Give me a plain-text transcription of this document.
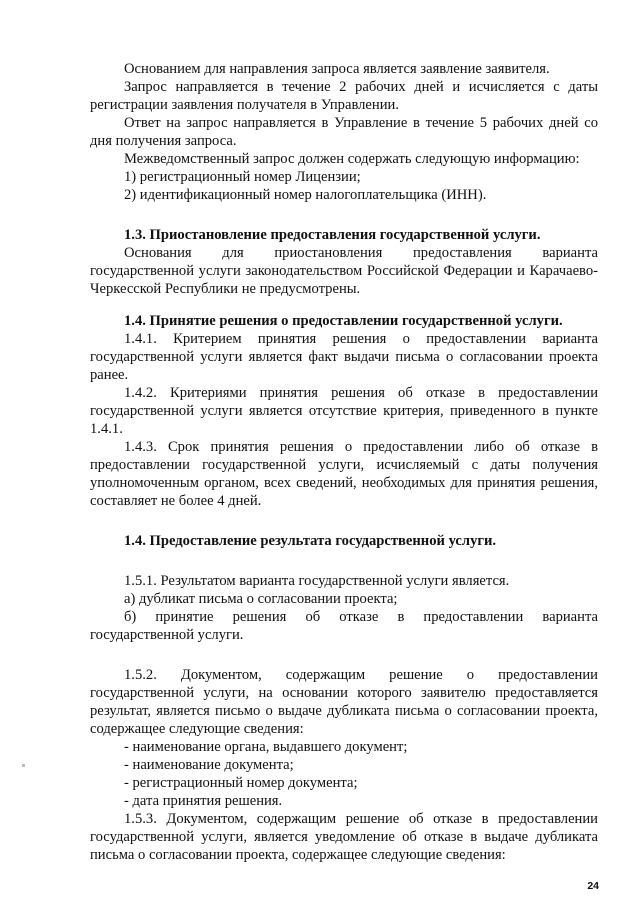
Основанием для направления запроса является заявление заявителя.

Запрос направляется в течение 2 рабочих дней и исчисляется с даты регистрации заявления получателя в Управлении.

Ответ на запрос направляется в Управление в течение 5 рабочих дней со дня получения запроса.

Межведомственный запрос должен содержать следующую информацию:

1) регистрационный номер Лицензии;

2) идентификационный номер налогоплательщика (ИНН).

1.3. Приостановление предоставления государственной услуги.

Основания для приостановления предоставления варианта

государственной услуги законодательством Российской Федерации и Карачаево-Черкесской Республики не предусмотрены.

1.4. Принятие решения о предоставлении государственной услуги.

1.4.1. Критерием принятия решения о предоставлении варианта государственной услуги является факт выдачи письма о согласовании проекта ранее.

1.4.2. Критериями принятия решения об отказе в предоставлении государственной услуги является отсутствие критерия, приведенного в пункте 1.4.1.

1.4.3. Срок принятия решения о предоставлении либо об отказе в предоставлении государственной услуги, исчисляемый с даты получения уполномоченным органом, всех сведений, необходимых для принятия решения, составляет не более 4 дней.

1.4. Предоставление результата государственной услуги.

1.5.1. Результатом варианта государственной услуги является.

а) дубликат письма о согласовании проекта;

б) принятие решения об отказе в предоставлении варианта

государственной услуги.

1.5.2. Документом, содержащим решение о предоставлении

государственной услуги, на основании которого заявителю предоставляется результат, является письмо о выдаче дубликата письма о согласовании проекта, содержащее следующие сведения:

- наименование органа, выдавшего документ;

- наименование документа;

- регистрационный номер документа;

- дата принятия решения.

1.5.3. Документом, содержащим решение об отказе в предоставлении государственной услуги, является уведомление об отказе в выдаче дубликата письма о согласовании проекта, содержащее следующие сведения:

24
